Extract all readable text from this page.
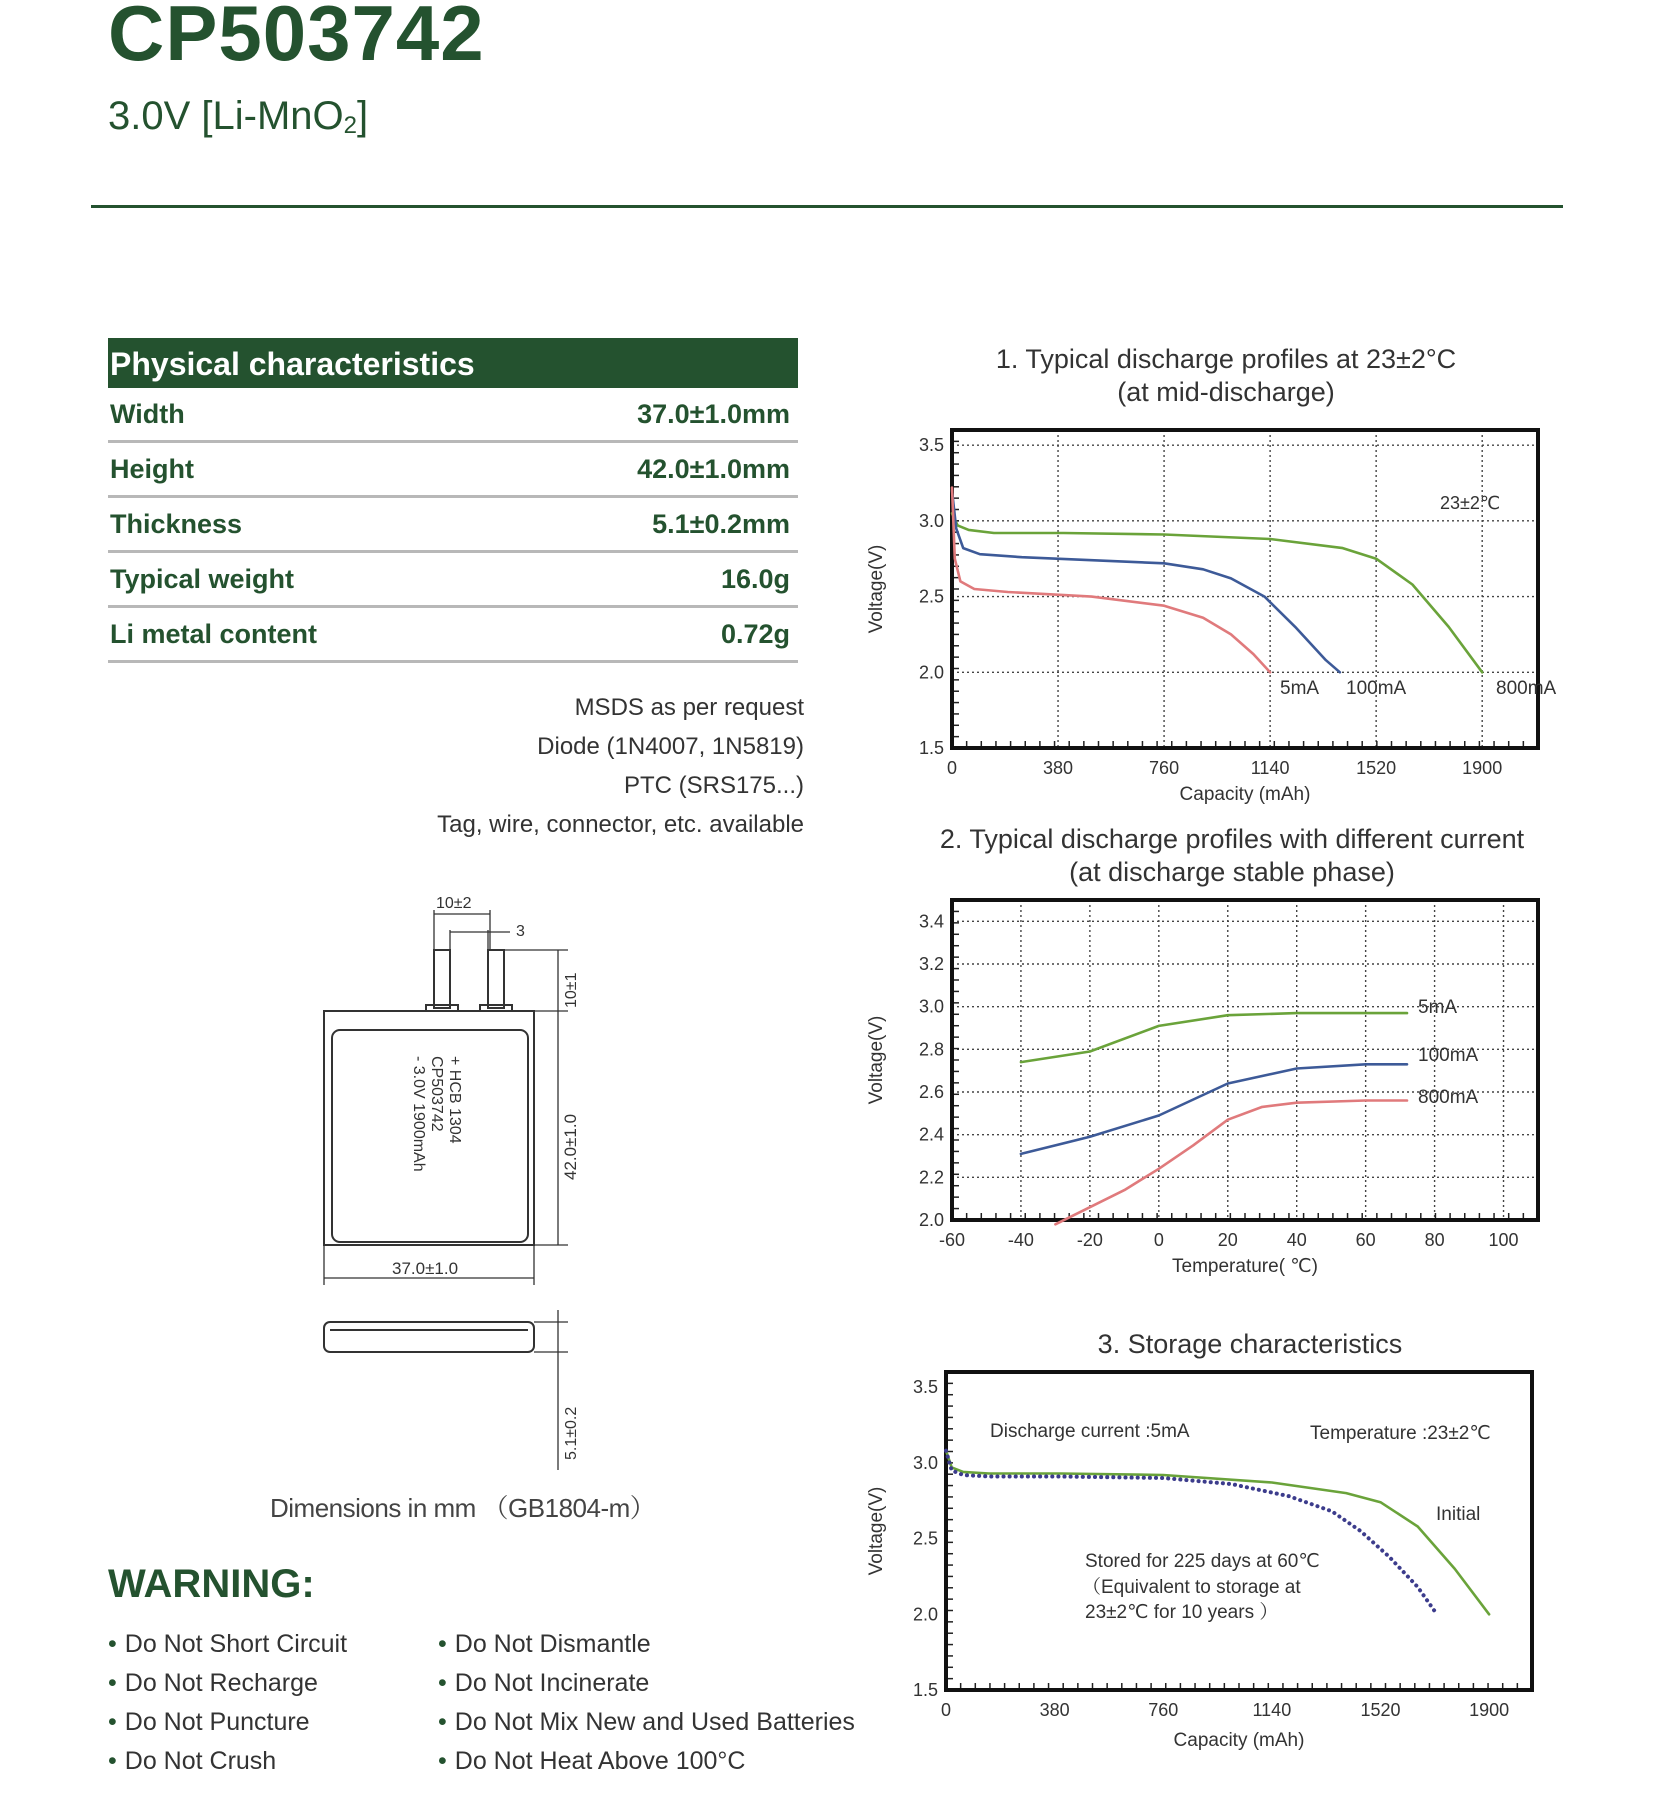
CP503742
3.0V [Li-MnO$_2$]
Physical characteristics
Width	37.0±1.0mm
Height	42.0±1.0mm
Thickness	5.1±0.2mm
Typical weight	16.0g
Li metal content	0.72g
MSDS as per request
Diode (1N4007, 1N5819)
PTC (SRS175...)
Tag, wire, connector, etc. available
10±2
3
10±1
42.0±1.0
37.0±1.0
5.1±0.2
+ HCB 1304
CP503742
- 3.0V 1900mAh
Dimensions in mm （GB1804-m）
WARNING:
• Do Not Short Circuit
• Do Not Recharge
• Do Not Puncture
• Do Not Crush
• Do Not Dismantle
• Do Not Incinerate
• Do Not Mix New and Used Batteries
• Do Not Heat Above 100°C
1. Typical discharge profiles at 23±2°C
(at mid-discharge)
23±2℃
2. Typical discharge profiles with different current
(at discharge stable phase)
3. Storage characteristics
Discharge current :5mA	Temperature :23±2℃
Stored for 225 days at 60℃
（Equivalent to storage at
23±2℃ for 10 years ）
0	380	760	1140	1520	1900
1.5
2.0
2.5
3.0
3.5
Capacity (mAh)
Voltage(V)
5mA 100mA	800mA
-60 -40 -20	0	20	40	60	80 100
2.0
2.2
2.4
2.6
2.8
3.0
3.2
3.4
Temperature( ℃)
Voltage(V)
5mA
100mA
800mA
0	380	760	1140	1520	1900
1.5
2.0
2.5
3.0
3.5
Capacity (mAh)
Voltage(V)	Initial
